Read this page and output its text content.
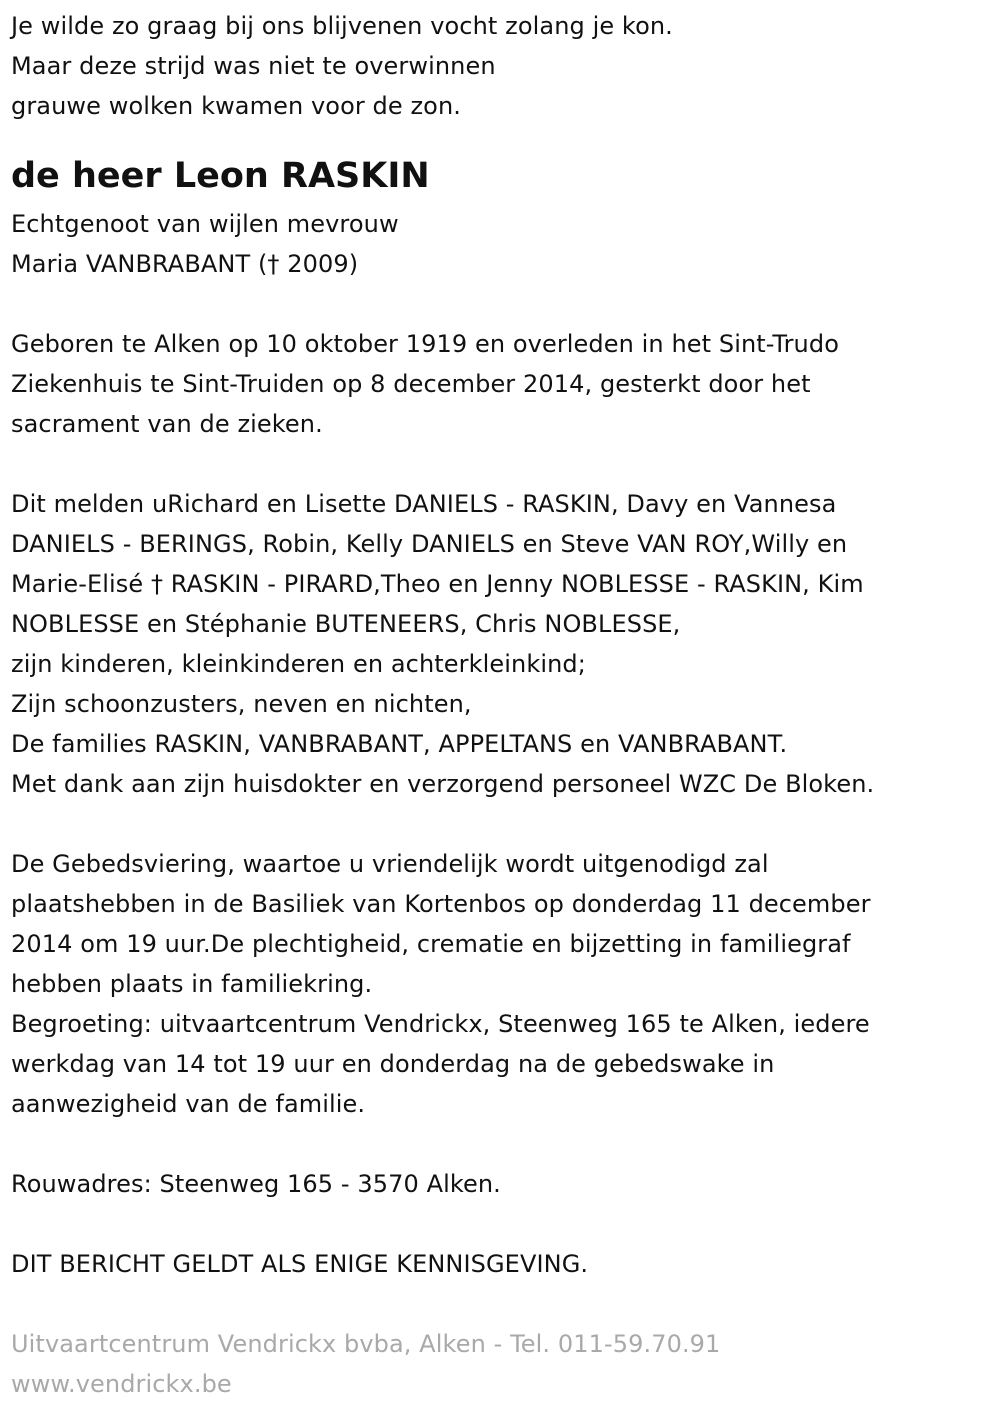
Je wilde zo graag bij ons blijvenen vocht zolang je kon.
Maar deze strijd was niet te overwinnen
grauwe wolken kwamen voor de zon.
de heer Leon RASKIN
Echtgenoot van wijlen mevrouw
Maria VANBRABANT († 2009)
Geboren te Alken op 10 oktober 1919 en overleden in het Sint-Trudo
Ziekenhuis te Sint-Truiden op 8 december 2014, gesterkt door het
sacrament van de zieken.
Dit melden uRichard en Lisette DANIELS - RASKIN, Davy en Vannesa
DANIELS - BERINGS, Robin, Kelly DANIELS en Steve VAN ROY,Willy en
Marie-Elisé † RASKIN - PIRARD,Theo en Jenny NOBLESSE - RASKIN, Kim
NOBLESSE en Stéphanie BUTENEERS, Chris NOBLESSE,
zijn kinderen, kleinkinderen en achterkleinkind;
Zijn schoonzusters, neven en nichten,
De families RASKIN, VANBRABANT, APPELTANS en VANBRABANT.
Met dank aan zijn huisdokter en verzorgend personeel WZC De Bloken.
De Gebedsviering, waartoe u vriendelijk wordt uitgenodigd zal
plaatshebben in de Basiliek van Kortenbos op donderdag 11 december
2014 om 19 uur.De plechtigheid, crematie en bijzetting in familiegraf
hebben plaats in familiekring.
Begroeting: uitvaartcentrum Vendrickx, Steenweg 165 te Alken, iedere
werkdag van 14 tot 19 uur en donderdag na de gebedswake in
aanwezigheid van de familie.
Rouwadres: Steenweg 165 - 3570 Alken.
DIT BERICHT GELDT ALS ENIGE KENNISGEVING.
Uitvaartcentrum Vendrickx bvba, Alken - Tel. 011-59.70.91
www.vendrickx.be
